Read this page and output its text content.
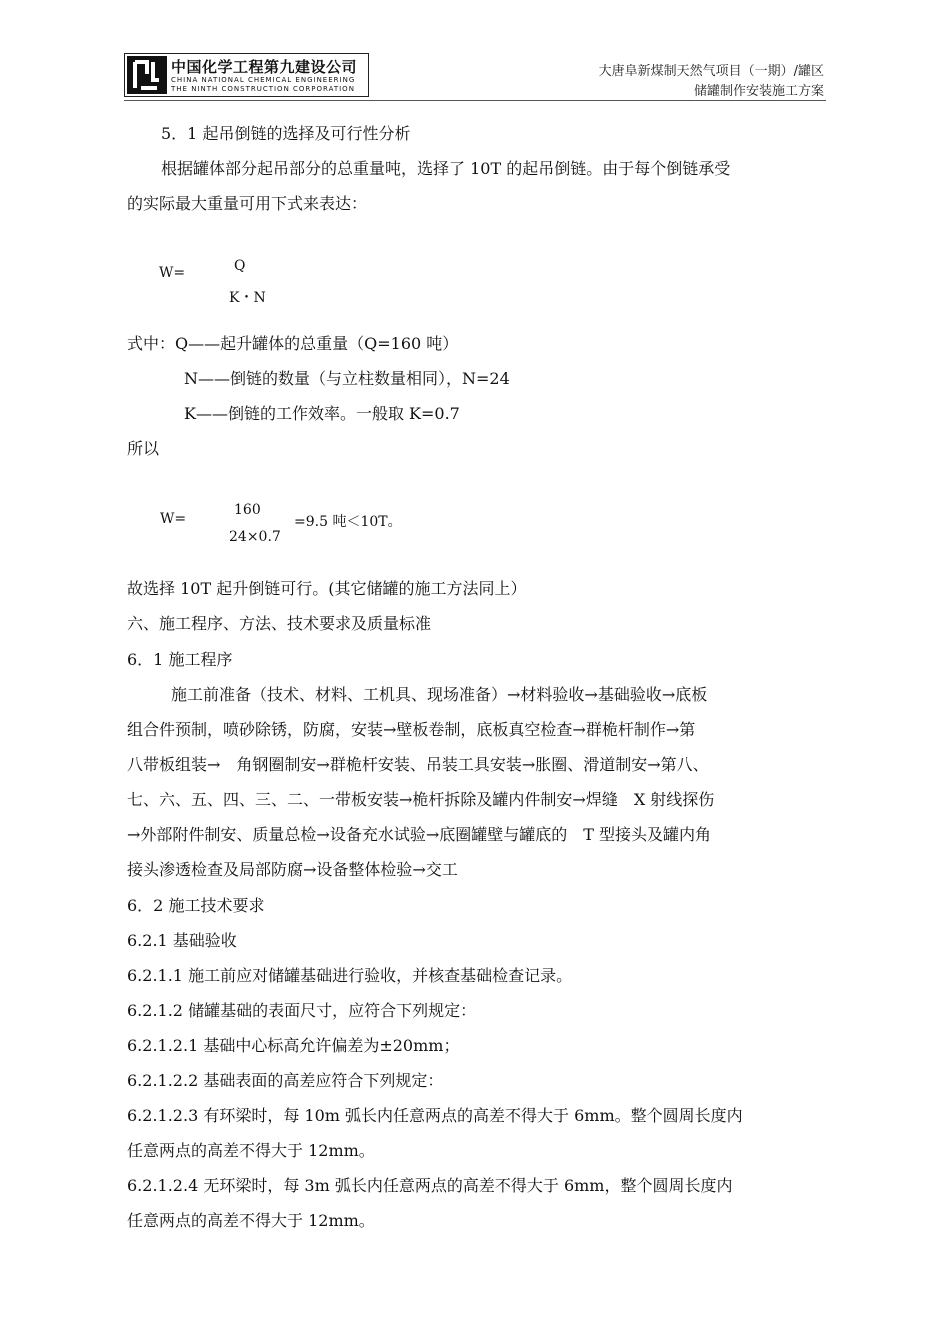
中国化学工程第九建设公司
CHINA NATIONAL CHEMICAL ENGINEERING
THE NINTH CONSTRUCTION CORPORATION
大唐阜新煤制天然气项目（一期）/罐区
储罐制作安装施工方案
5．1 起吊倒链的选择及可行性分析
根据罐体部分起吊部分的总重量吨，选择了 10T 的起吊倒链。由于每个倒链承受
的实际最大重量可用下式来表达：
W=	Q
K・N
式中：Q——起升罐体的总重量（Q=160 吨）
N——倒链的数量（与立柱数量相同），N=24
K——倒链的工作效率。一般取 K=0.7
所以
W=
160
24×0.7
=9.5 吨＜10T。
故选择 10T 起升倒链可行。(其它储罐的施工方法同上）
六、施工程序、方法、技术要求及质量标准
6．1 施工程序
施工前准备（技术、材料、工机具、现场准备）→材料验收→基础验收→底板
组合件预制，喷砂除锈，防腐，安装→壁板卷制，底板真空检查→群桅杆制作→第
八带板组装→　角钢圈制安→群桅杆安装、吊装工具安装→胀圈、滑道制安→第八、
七、六、五、四、三、二、一带板安装→桅杆拆除及罐内件制安→焊缝　X 射线探伤
→外部附件制安、质量总检→设备充水试验→底圈罐壁与罐底的　T 型接头及罐内角
接头渗透检查及局部防腐→设备整体检验→交工
6．2 施工技术要求
6.2.1 基础验收
6.2.1.1 施工前应对储罐基础进行验收，并核查基础检查记录。
6.2.1.2 储罐基础的表面尺寸，应符合下列规定：
6.2.1.2.1 基础中心标高允许偏差为±20mm；
6.2.1.2.2 基础表面的高差应符合下列规定：
6.2.1.2.3 有环梁时，每 10m 弧长内任意两点的高差不得大于 6mm。整个圆周长度内
任意两点的高差不得大于 12mm。
6.2.1.2.4 无环梁时，每 3m 弧长内任意两点的高差不得大于 6mm，整个圆周长度内
任意两点的高差不得大于 12mm。
